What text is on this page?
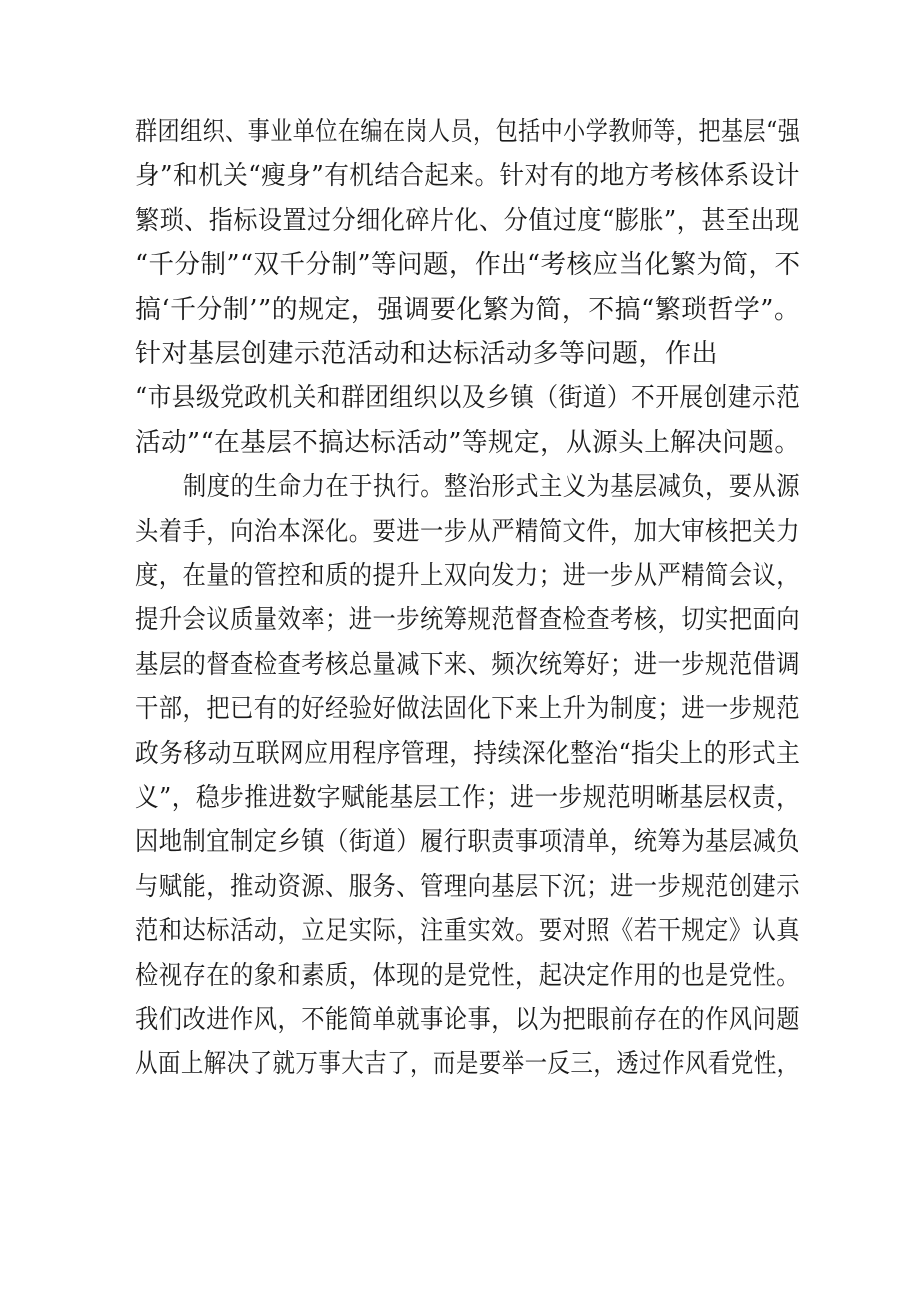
群团组织、事业单位在编在岗人员，包括中小学教师等，把基层“强
身”和机关“瘦身”有机结合起来。针对有的地方考核体系设计
繁琐、指标设置过分细化碎片化、分值过度“膨胀”，甚至出现
“千分制”“双千分制”等问题，作出“考核应当化繁为简，不
搞‘千分制’”的规定，强调要化繁为简，不搞“繁琐哲学”。
针对基层创建示范活动和达标活动多等问题，作出
“市县级党政机关和群团组织以及乡镇（街道）不开展创建示范
活动”“在基层不搞达标活动”等规定，从源头上解决问题。
制度的生命力在于执行。整治形式主义为基层减负，要从源
头着手，向治本深化。要进一步从严精简文件，加大审核把关力
度，在量的管控和质的提升上双向发力；进一步从严精简会议，
提升会议质量效率；进一步统筹规范督查检查考核，切实把面向
基层的督查检查考核总量减下来、频次统筹好；进一步规范借调
干部，把已有的好经验好做法固化下来上升为制度；进一步规范
政务移动互联网应用程序管理，持续深化整治“指尖上的形式主
义”，稳步推进数字赋能基层工作；进一步规范明晰基层权责，
因地制宜制定乡镇（街道）履行职责事项清单，统筹为基层减负
与赋能，推动资源、服务、管理向基层下沉；进一步规范创建示
范和达标活动，立足实际，注重实效。要对照《若干规定》认真
检视存在的象和素质，体现的是党性，起决定作用的也是党性。
我们改进作风，不能简单就事论事，以为把眼前存在的作风问题
从面上解决了就万事大吉了，而是要举一反三，透过作风看党性，
